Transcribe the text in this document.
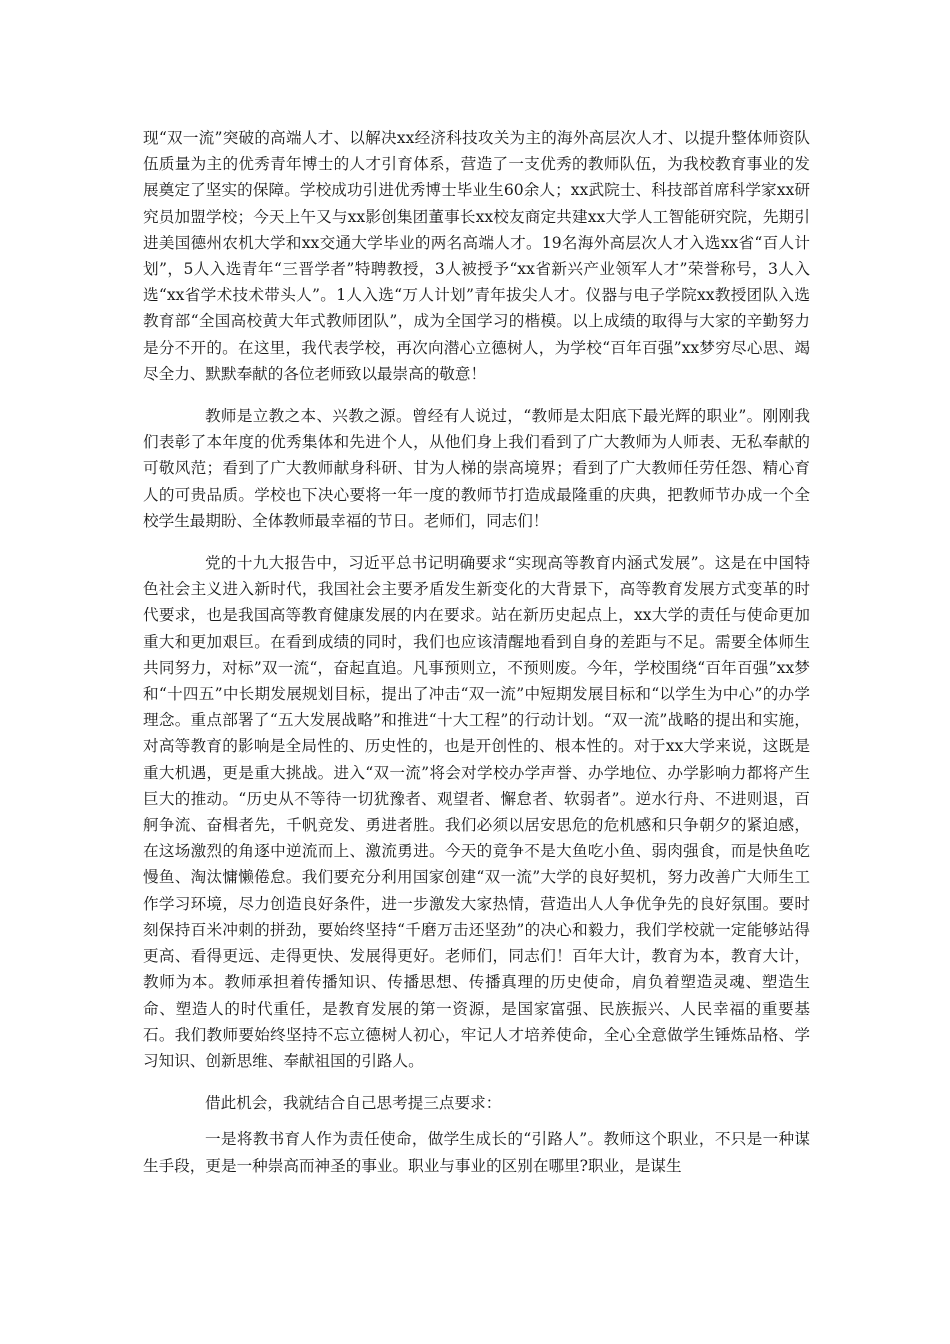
现“双一流”突破的高端人才、以解决xx经济科技攻关为主的海外高层次人才、以提升整体师资队伍质量为主的优秀青年博士的人才引育体系，营造了一支优秀的教师队伍，为我校教育事业的发展奠定了坚实的保障。学校成功引进优秀博士毕业生60余人；xx武院士、科技部首席科学家xx研究员加盟学校；今天上午又与xx影创集团董事长xx校友商定共建xx大学人工智能研究院，先期引进美国德州农机大学和xx交通大学毕业的两名高端人才。19名海外高层次人才入选xx省“百人计划”，5人入选青年“三晋学者”特聘教授，3人被授予“xx省新兴产业领军人才”荣誉称号，3人入选“xx省学术技术带头人”。1人入选“万人计划”青年拔尖人才。仪器与电子学院xx教授团队入选教育部“全国高校黄大年式教师团队”，成为全国学习的楷模。以上成绩的取得与大家的辛勤努力是分不开的。在这里，我代表学校，再次向潜心立德树人，为学校“百年百强”xx梦穷尽心思、竭尽全力、默默奉献的各位老师致以最崇高的敬意！

教师是立教之本、兴教之源。曾经有人说过，“教师是太阳底下最光辉的职业”。刚刚我们表彰了本年度的优秀集体和先进个人，从他们身上我们看到了广大教师为人师表、无私奉献的可敬风范；看到了广大教师献身科研、甘为人梯的崇高境界；看到了广大教师任劳任怨、精心育人的可贵品质。学校也下决心要将一年一度的教师节打造成最隆重的庆典，把教师节办成一个全校学生最期盼、全体教师最幸福的节日。老师们，同志们！

党的十九大报告中，习近平总书记明确要求“实现高等教育内涵式发展”。这是在中国特色社会主义进入新时代，我国社会主要矛盾发生新变化的大背景下，高等教育发展方式变革的时代要求，也是我国高等教育健康发展的内在要求。站在新历史起点上，xx大学的责任与使命更加重大和更加艰巨。在看到成绩的同时，我们也应该清醒地看到自身的差距与不足。需要全体师生共同努力，对标”双一流“，奋起直追。凡事预则立，不预则废。今年，学校围绕“百年百强”xx梦和“十四五”中长期发展规划目标，提出了冲击“双一流”中短期发展目标和“以学生为中心”的办学理念。重点部署了“五大发展战略”和推进“十大工程”的行动计划。“双一流”战略的提出和实施，对高等教育的影响是全局性的、历史性的，也是开创性的、根本性的。对于xx大学来说，这既是重大机遇，更是重大挑战。进入“双一流”将会对学校办学声誉、办学地位、办学影响力都将产生巨大的推动。“历史从不等待一切犹豫者、观望者、懈怠者、软弱者”。逆水行舟、不进则退，百舸争流、奋楫者先，千帆竞发、勇进者胜。我们必须以居安思危的危机感和只争朝夕的紧迫感，在这场激烈的角逐中逆流而上、激流勇进。今天的竟争不是大鱼吃小鱼、弱肉强食，而是快鱼吃慢鱼、淘汰慵懒倦怠。我们要充分利用国家创建“双一流”大学的良好契机，努力改善广大师生工作学习环境，尽力创造良好条件，进一步激发大家热情，营造出人人争优争先的良好氛围。要时刻保持百米冲刺的拼劲，要始终坚持“千磨万击还坚劲”的决心和毅力，我们学校就一定能够站得更高、看得更远、走得更快、发展得更好。老师们，同志们！百年大计，教育为本，教育大计，教师为本。教师承担着传播知识、传播思想、传播真理的历史使命，肩负着塑造灵魂、塑造生命、塑造人的时代重任，是教育发展的第一资源，是国家富强、民族振兴、人民幸福的重要基石。我们教师要始终坚持不忘立德树人初心，牢记人才培养使命，全心全意做学生锤炼品格、学习知识、创新思维、奉献祖国的引路人。

借此机会，我就结合自己思考提三点要求：

一是将教书育人作为责任使命，做学生成长的“引路人”。教师这个职业，不只是一种谋生手段，更是一种崇高而神圣的事业。职业与事业的区别在哪里?职业，是谋生
